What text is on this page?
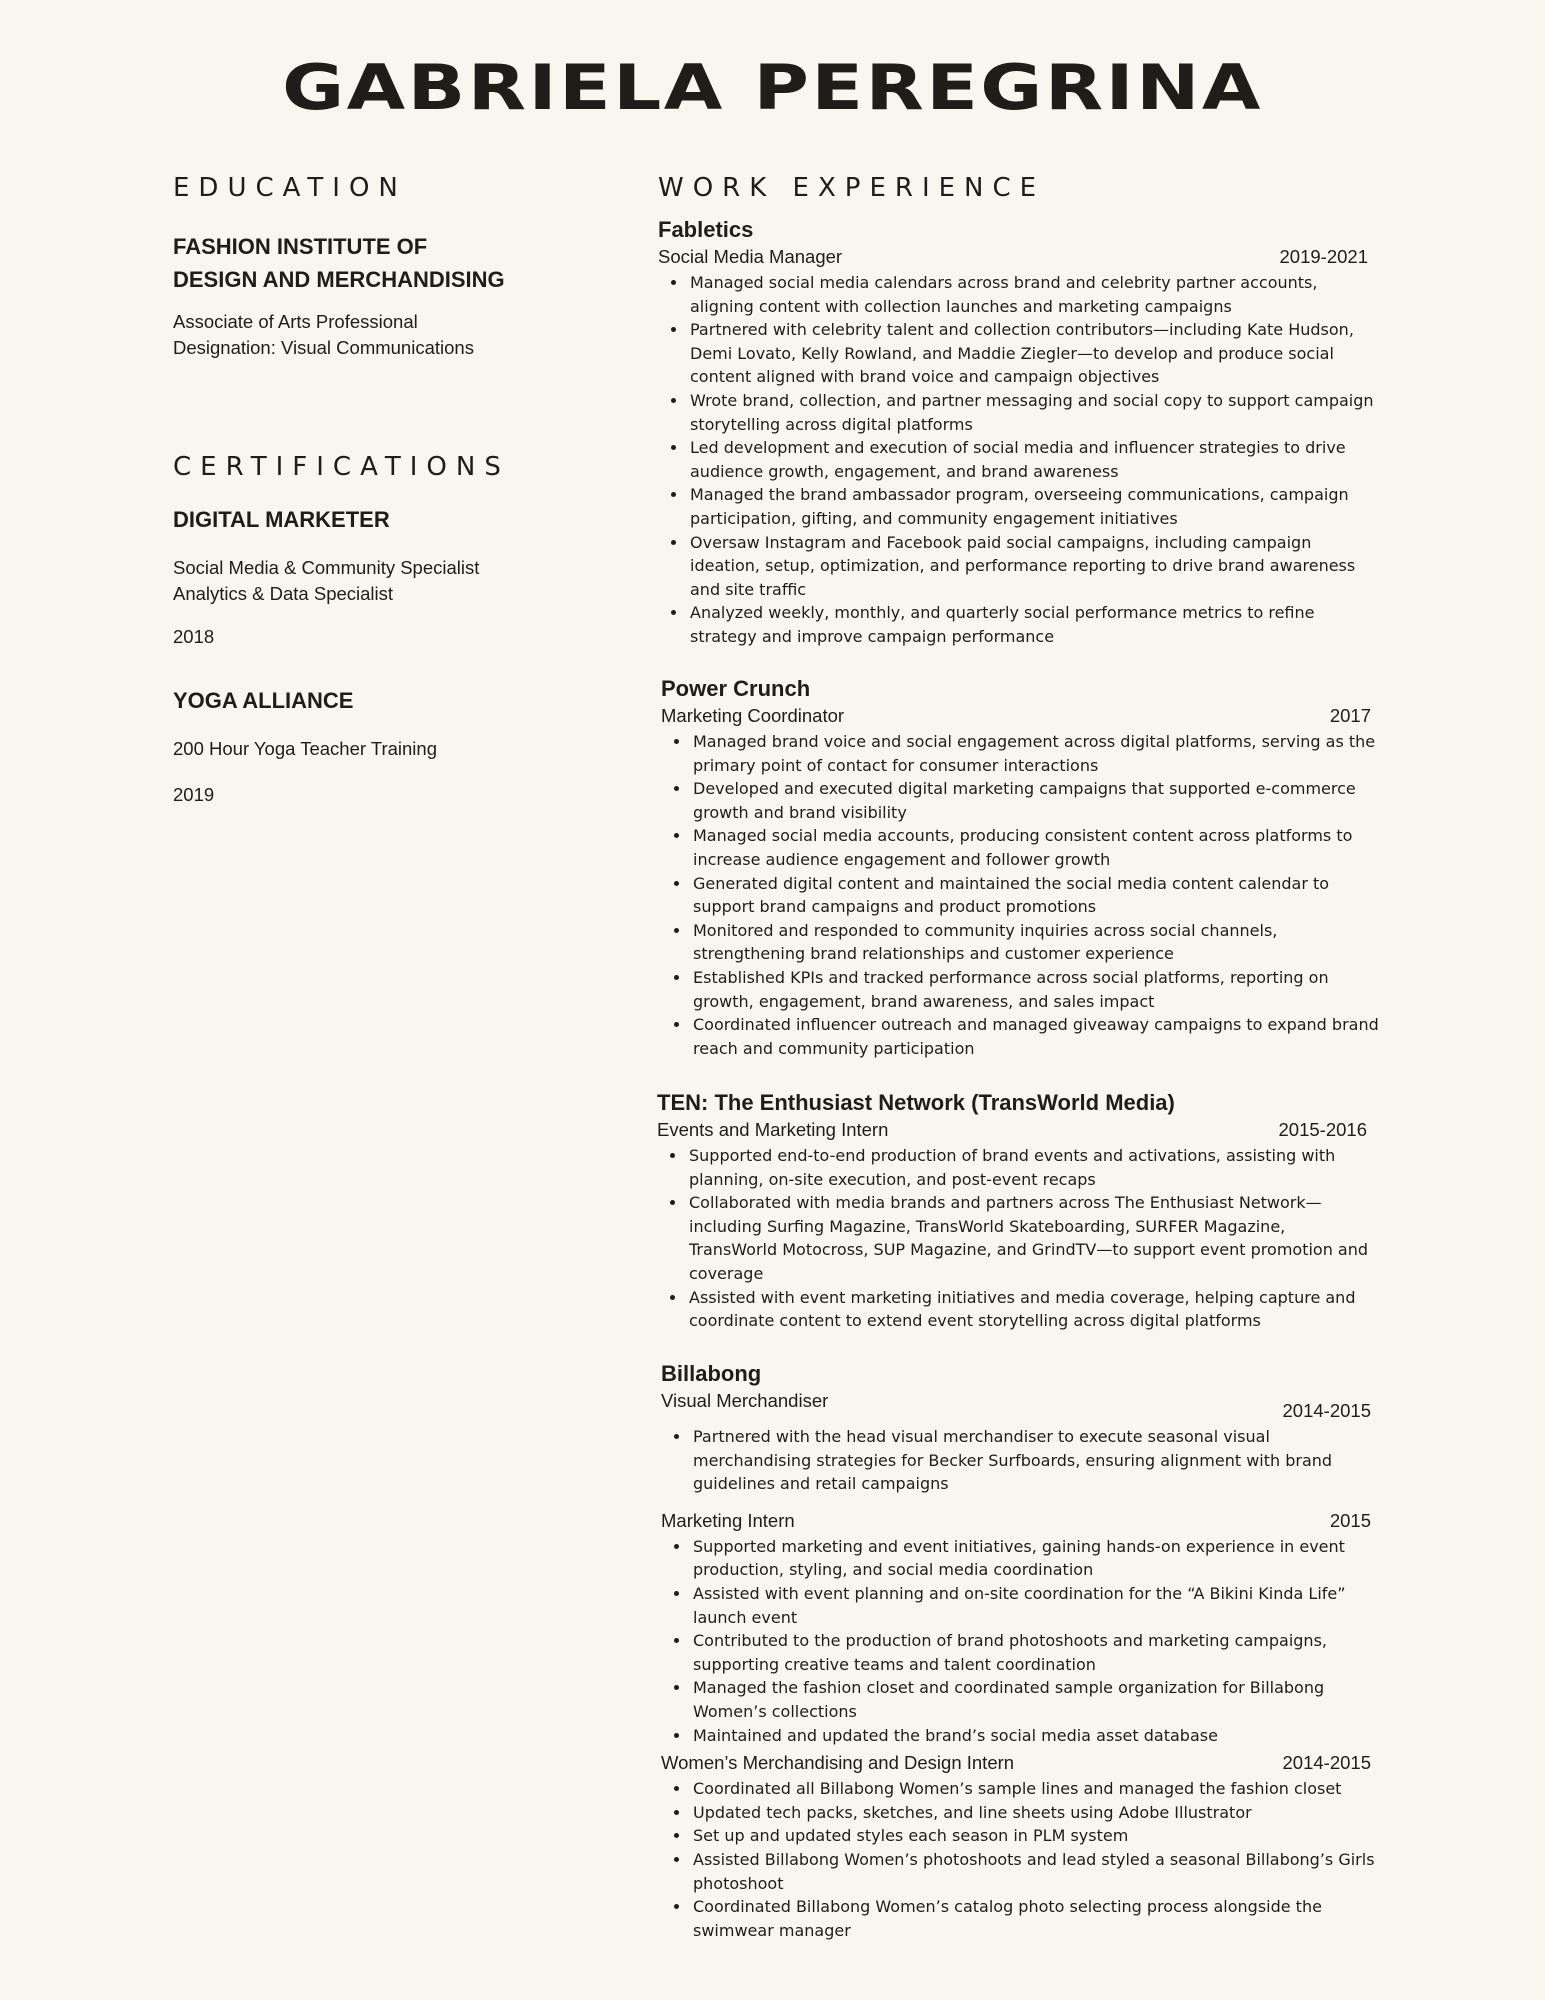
GABRIELA PEREGRINA
EDUCATION

FASHION INSTITUTE OF

DESIGN AND MERCHANDISING

Associate of Arts Professional

Designation: Visual Communications

CERTIFICATIONS

DIGITAL MARKETER

Social Media & Community Specialist

Analytics & Data Specialist

2018

YOGA ALLIANCE

200 Hour Yoga Teacher Training

2019

WORK EXPERIENCE

Fabletics

Social Media Manager	2019-2021
• Managed social media calendars across brand and celebrity partner accounts, aligning content with collection launches and marketing campaigns
• Partnered with celebrity talent and collection contributors—including Kate Hudson, Demi Lovato, Kelly Rowland, and Maddie Ziegler—to develop and produce social content aligned with brand voice and campaign objectives
• Wrote brand, collection, and partner messaging and social copy to support campaign storytelling across digital platforms
• Led development and execution of social media and influencer strategies to drive audience growth, engagement, and brand awareness
• Managed the brand ambassador program, overseeing communications, campaign participation, gifting, and community engagement initiatives
• Oversaw Instagram and Facebook paid social campaigns, including campaign ideation, setup, optimization, and performance reporting to drive brand awareness and site traffic
• Analyzed weekly, monthly, and quarterly social performance metrics to refine strategy and improve campaign performance

Power Crunch

Marketing Coordinator	2017
• Managed brand voice and social engagement across digital platforms, serving as the primary point of contact for consumer interactions
• Developed and executed digital marketing campaigns that supported e-commerce growth and brand visibility
• Managed social media accounts, producing consistent content across platforms to increase audience engagement and follower growth
• Generated digital content and maintained the social media content calendar to support brand campaigns and product promotions
• Monitored and responded to community inquiries across social channels, strengthening brand relationships and customer experience
• Established KPIs and tracked performance across social platforms, reporting on growth, engagement, brand awareness, and sales impact
• Coordinated influencer outreach and managed giveaway campaigns to expand brand reach and community participation

TEN: The Enthusiast Network (TransWorld Media)

Events and Marketing Intern	2015-2016
• Supported end-to-end production of brand events and activations, assisting with planning, on-site execution, and post-event recaps
• Collaborated with media brands and partners across The Enthusiast Network—including Surfing Magazine, TransWorld Skateboarding, SURFER Magazine, TransWorld Motocross, SUP Magazine, and GrindTV—to support event promotion and coverage
• Assisted with event marketing initiatives and media coverage, helping capture and coordinate content to extend event storytelling across digital platforms

Billabong

Visual Merchandiser	2014-2015
• Partnered with the head visual merchandiser to execute seasonal visual merchandising strategies for Becker Surfboards, ensuring alignment with brand guidelines and retail campaigns
Marketing Intern	2015
• Supported marketing and event initiatives, gaining hands-on experience in event production, styling, and social media coordination
• Assisted with event planning and on-site coordination for the “A Bikini Kinda Life” launch event
• Contributed to the production of brand photoshoots and marketing campaigns, supporting creative teams and talent coordination
• Managed the fashion closet and coordinated sample organization for Billabong Women’s collections
• Maintained and updated the brand’s social media asset database
Women’s Merchandising and Design Intern	2014-2015
• Coordinated all Billabong Women’s sample lines and managed the fashion closet
• Updated tech packs, sketches, and line sheets using Adobe Illustrator
• Set up and updated styles each season in PLM system
• Assisted Billabong Women’s photoshoots and lead styled a seasonal Billabong’s Girls photoshoot
• Coordinated Billabong Women’s catalog photo selecting process alongside the swimwear manager
